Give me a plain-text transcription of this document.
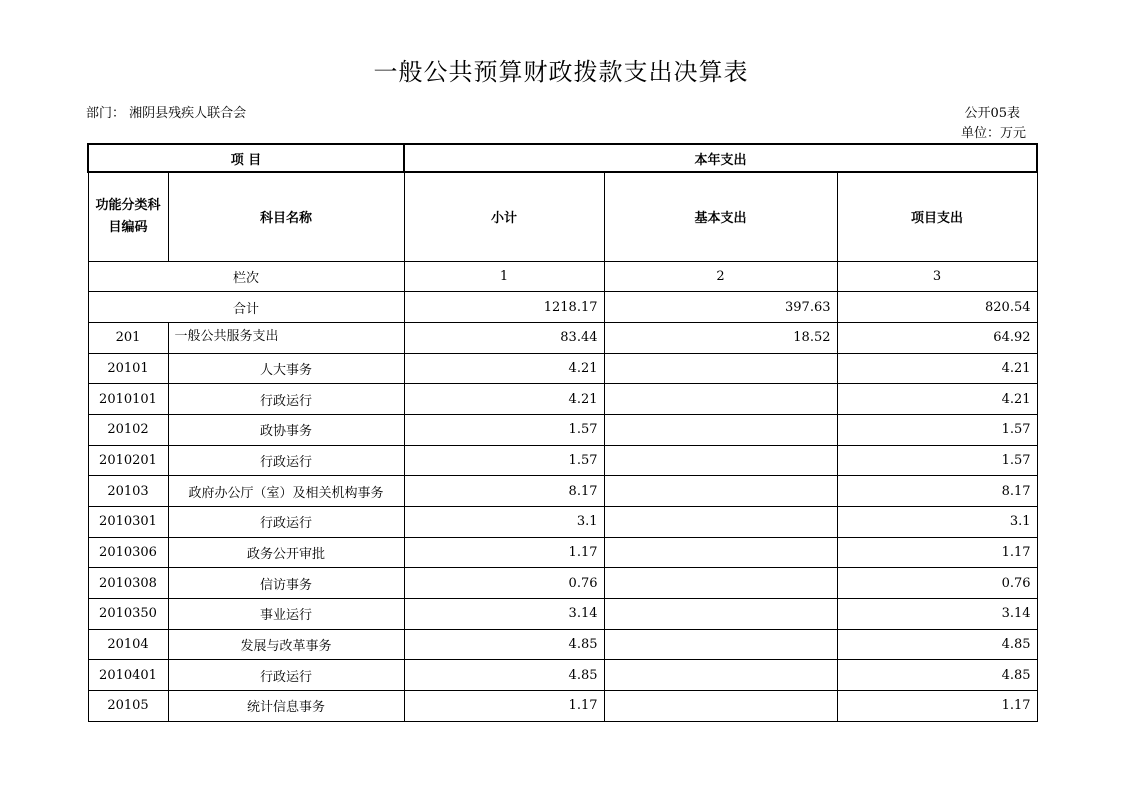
一般公共预算财政拨款支出决算表
部门： 湘阴县残疾人联合会	公开05表
单位：万元
项 目		本年支出		
功能分类科目编码	科目名称	小计	基本支出	项目支出
栏次		1	2	3
合计		1218.17	397.63	820.54
201	一般公共服务支出	83.44	18.52	64.92
20101	人大事务	4.21		4.21
2010101	行政运行	4.21		4.21
20102	政协事务	1.57		1.57
2010201	行政运行	1.57		1.57
20103	政府办公厅（室）及相关机构事务	8.17		8.17
2010301	行政运行	3.1		3.1
2010306	政务公开审批	1.17		1.17
2010308	信访事务	0.76		0.76
2010350	事业运行	3.14		3.14
20104	发展与改革事务	4.85		4.85
2010401	行政运行	4.85		4.85
20105	统计信息事务	1.17		1.17
